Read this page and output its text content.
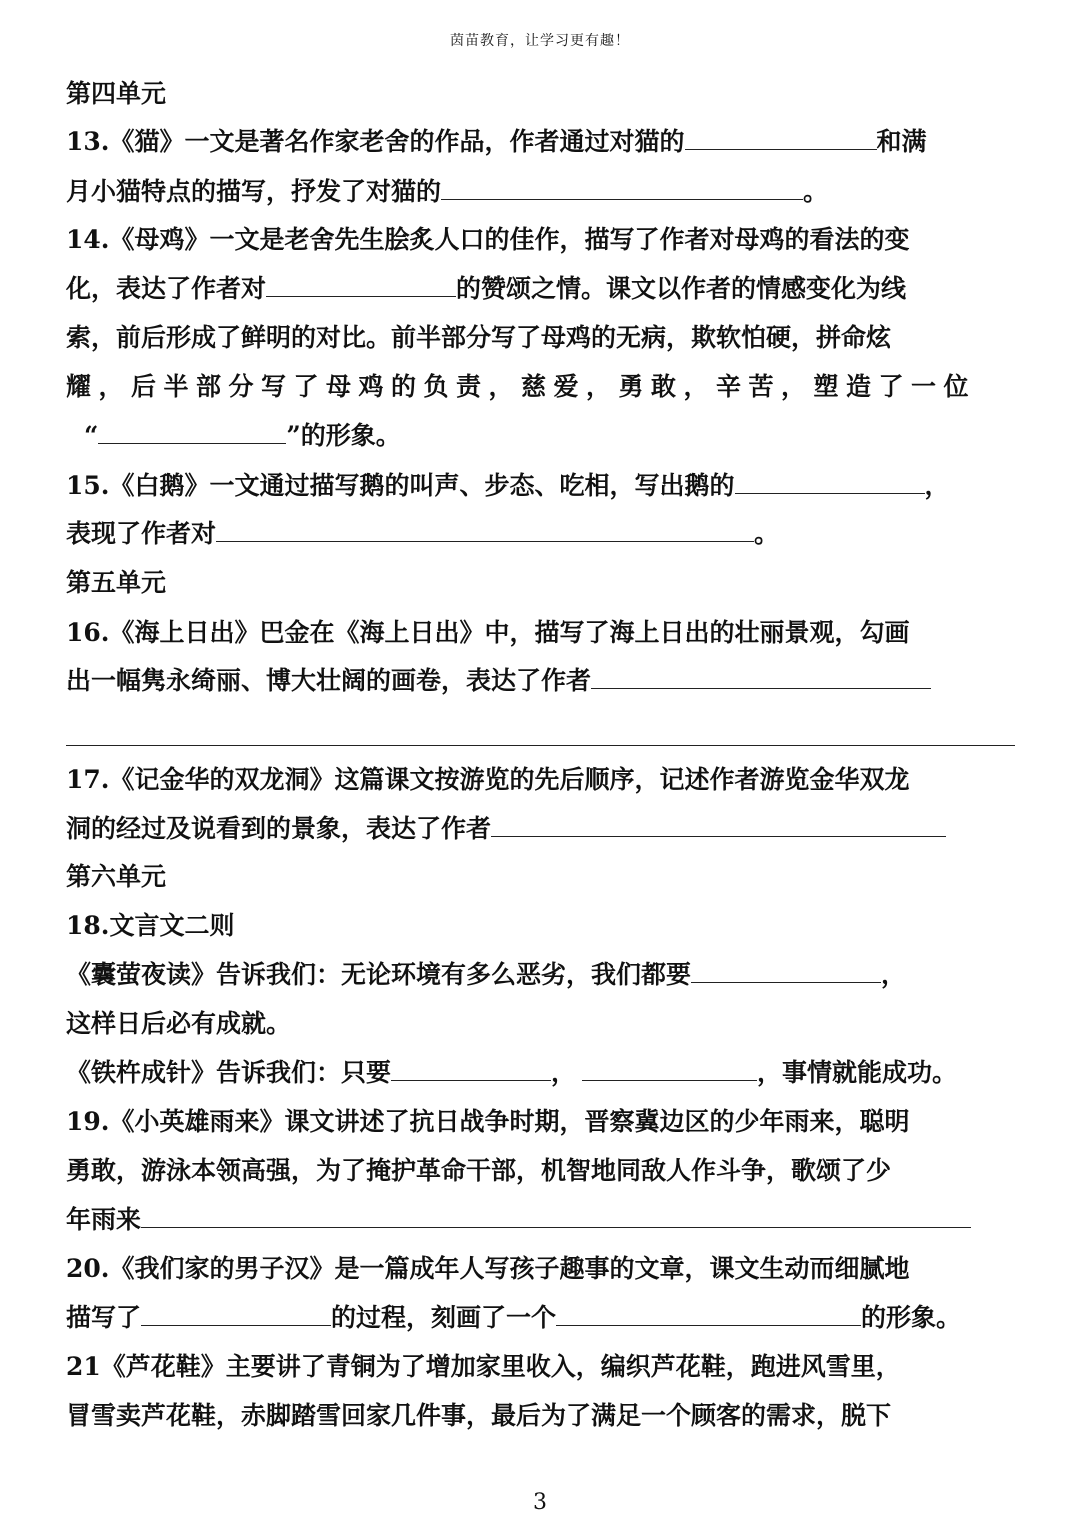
茵苗教育，让学习更有趣！
第四单元
13.《猫》一文是著名作家老舍的作品，作者通过对猫的	和满
月小猫特点的描写，抒发了对猫的	。
14.《母鸡》一文是老舍先生脍炙人口的佳作，描写了作者对母鸡的看法的变
化，表达了作者对	的赞颂之情。课文以作者的情感变化为线
索，前后形成了鲜明的对比。前半部分写了母鸡的无病，欺软怕硬，拼命炫
耀，后半部分写了母鸡的负责，慈爱，勇敢，辛苦，塑造了一位
“	”的形象。
15.《白鹅》一文通过描写鹅的叫声、步态、吃相，写出鹅的	，
表现了作者对	。
第五单元
16.《海上日出》巴金在《海上日出》中，描写了海上日出的壮丽景观，勾画
出一幅隽永绮丽、博大壮阔的画卷，表达了作者
17.《记金华的双龙洞》这篇课文按游览的先后顺序，记述作者游览金华双龙
洞的经过及说看到的景象，表达了作者
第六单元
18.文言文二则
《囊萤夜读》告诉我们：无论环境有多么恶劣，我们都要	，
这样日后必有成就。
《铁杵成针》告诉我们：只要	，	，事情就能成功。
19.《小英雄雨来》课文讲述了抗日战争时期，晋察冀边区的少年雨来，聪明
勇敢，游泳本领高强，为了掩护革命干部，机智地同敌人作斗争，歌颂了少
年雨来
20.《我们家的男子汉》是一篇成年人写孩子趣事的文章，课文生动而细腻地
描写了	的过程，刻画了一个	的形象。
21《芦花鞋》主要讲了青铜为了增加家里收入，编织芦花鞋，跑进风雪里，
冒雪卖芦花鞋，赤脚踏雪回家几件事，最后为了满足一个顾客的需求，脱下
3
